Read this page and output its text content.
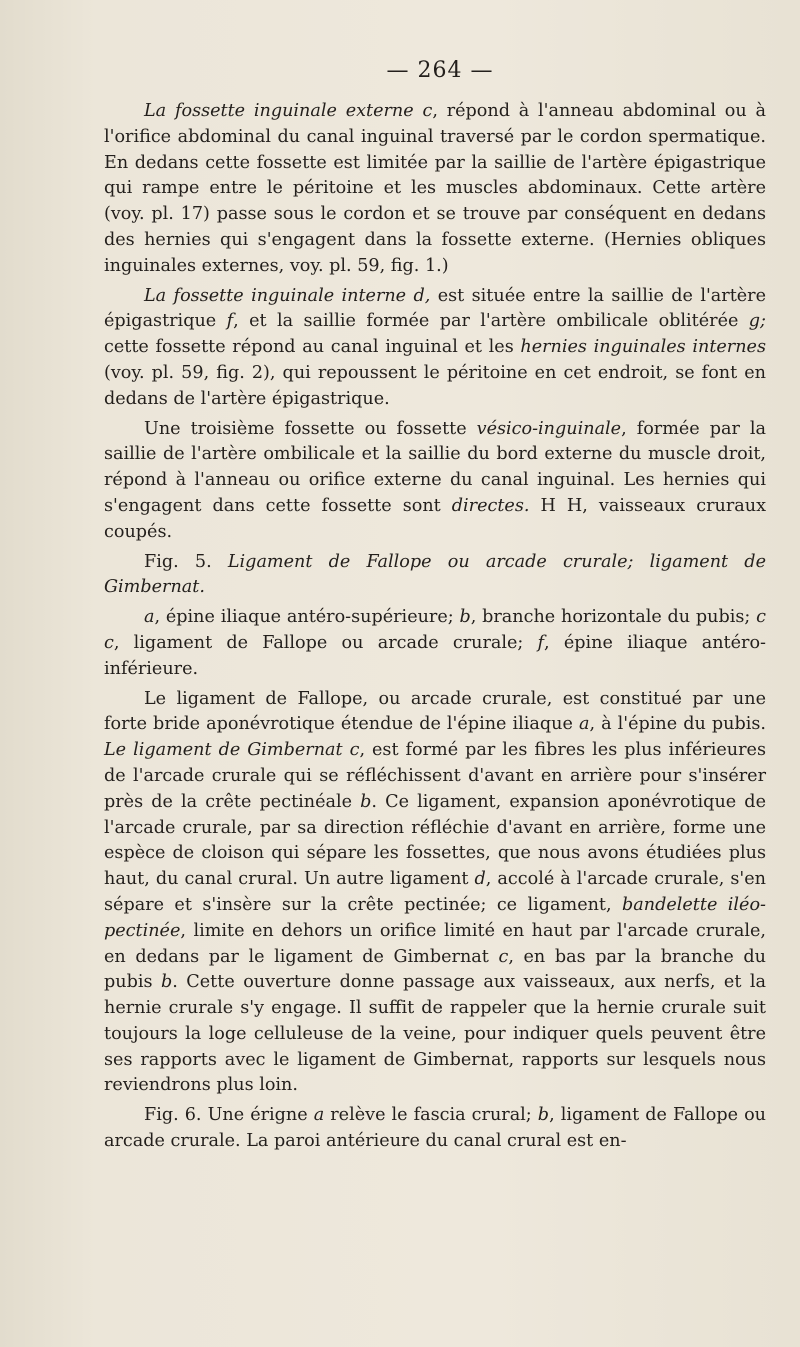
— 264 —

La fossette inguinale externe c, répond à l'anneau abdominal ou à l'orifice abdominal du canal inguinal traversé par le cordon spermatique. En dedans cette fossette est limitée par la saillie de l'artère épigastrique qui rampe entre le péritoine et les muscles abdominaux. Cette artère (voy. pl. 17) passe sous le cordon et se trouve par conséquent en dedans des hernies qui s'engagent dans la fossette externe. (Hernies obliques inguinales externes, voy. pl. 59, fig. 1.)

La fossette inguinale interne d, est située entre la saillie de l'artère épigastrique f, et la saillie formée par l'artère ombilicale oblitérée g; cette fossette répond au canal inguinal et les hernies inguinales internes (voy. pl. 59, fig. 2), qui repoussent le péritoine en cet endroit, se font en dedans de l'artère épigastrique.

Une troisième fossette ou fossette vésico-inguinale, formée par la saillie de l'artère ombilicale et la saillie du bord externe du muscle droit, répond à l'anneau ou orifice externe du canal inguinal. Les hernies qui s'engagent dans cette fossette sont directes. H H, vaisseaux cruraux coupés.

Fig. 5. Ligament de Fallope ou arcade crurale; ligament de Gimbernat.

a, épine iliaque antéro-supérieure; b, branche horizontale du pubis; c c, ligament de Fallope ou arcade crurale; f, épine iliaque antéro-inférieure.

Le ligament de Fallope, ou arcade crurale, est constitué par une forte bride aponévrotique étendue de l'épine iliaque a, à l'épine du pubis. Le ligament de Gimbernat c, est formé par les fibres les plus inférieures de l'arcade crurale qui se réfléchissent d'avant en arrière pour s'insérer près de la crête pectinéale b. Ce ligament, expansion aponévrotique de l'arcade crurale, par sa direction réfléchie d'avant en arrière, forme une espèce de cloison qui sépare les fossettes, que nous avons étudiées plus haut, du canal crural. Un autre ligament d, accolé à l'arcade crurale, s'en sépare et s'insère sur la crête pectinée; ce ligament, bandelette iléo-pectinée, limite en dehors un orifice limité en haut par l'arcade crurale, en dedans par le ligament de Gimbernat c, en bas par la branche du pubis b. Cette ouverture donne passage aux vaisseaux, aux nerfs, et la hernie crurale s'y engage. Il suffit de rappeler que la hernie crurale suit toujours la loge celluleuse de la veine, pour indiquer quels peuvent être ses rapports avec le ligament de Gimbernat, rapports sur lesquels nous reviendrons plus loin.

Fig. 6. Une érigne a relève le fascia crural; b, ligament de Fallope ou arcade crurale. La paroi antérieure du canal crural est en-
